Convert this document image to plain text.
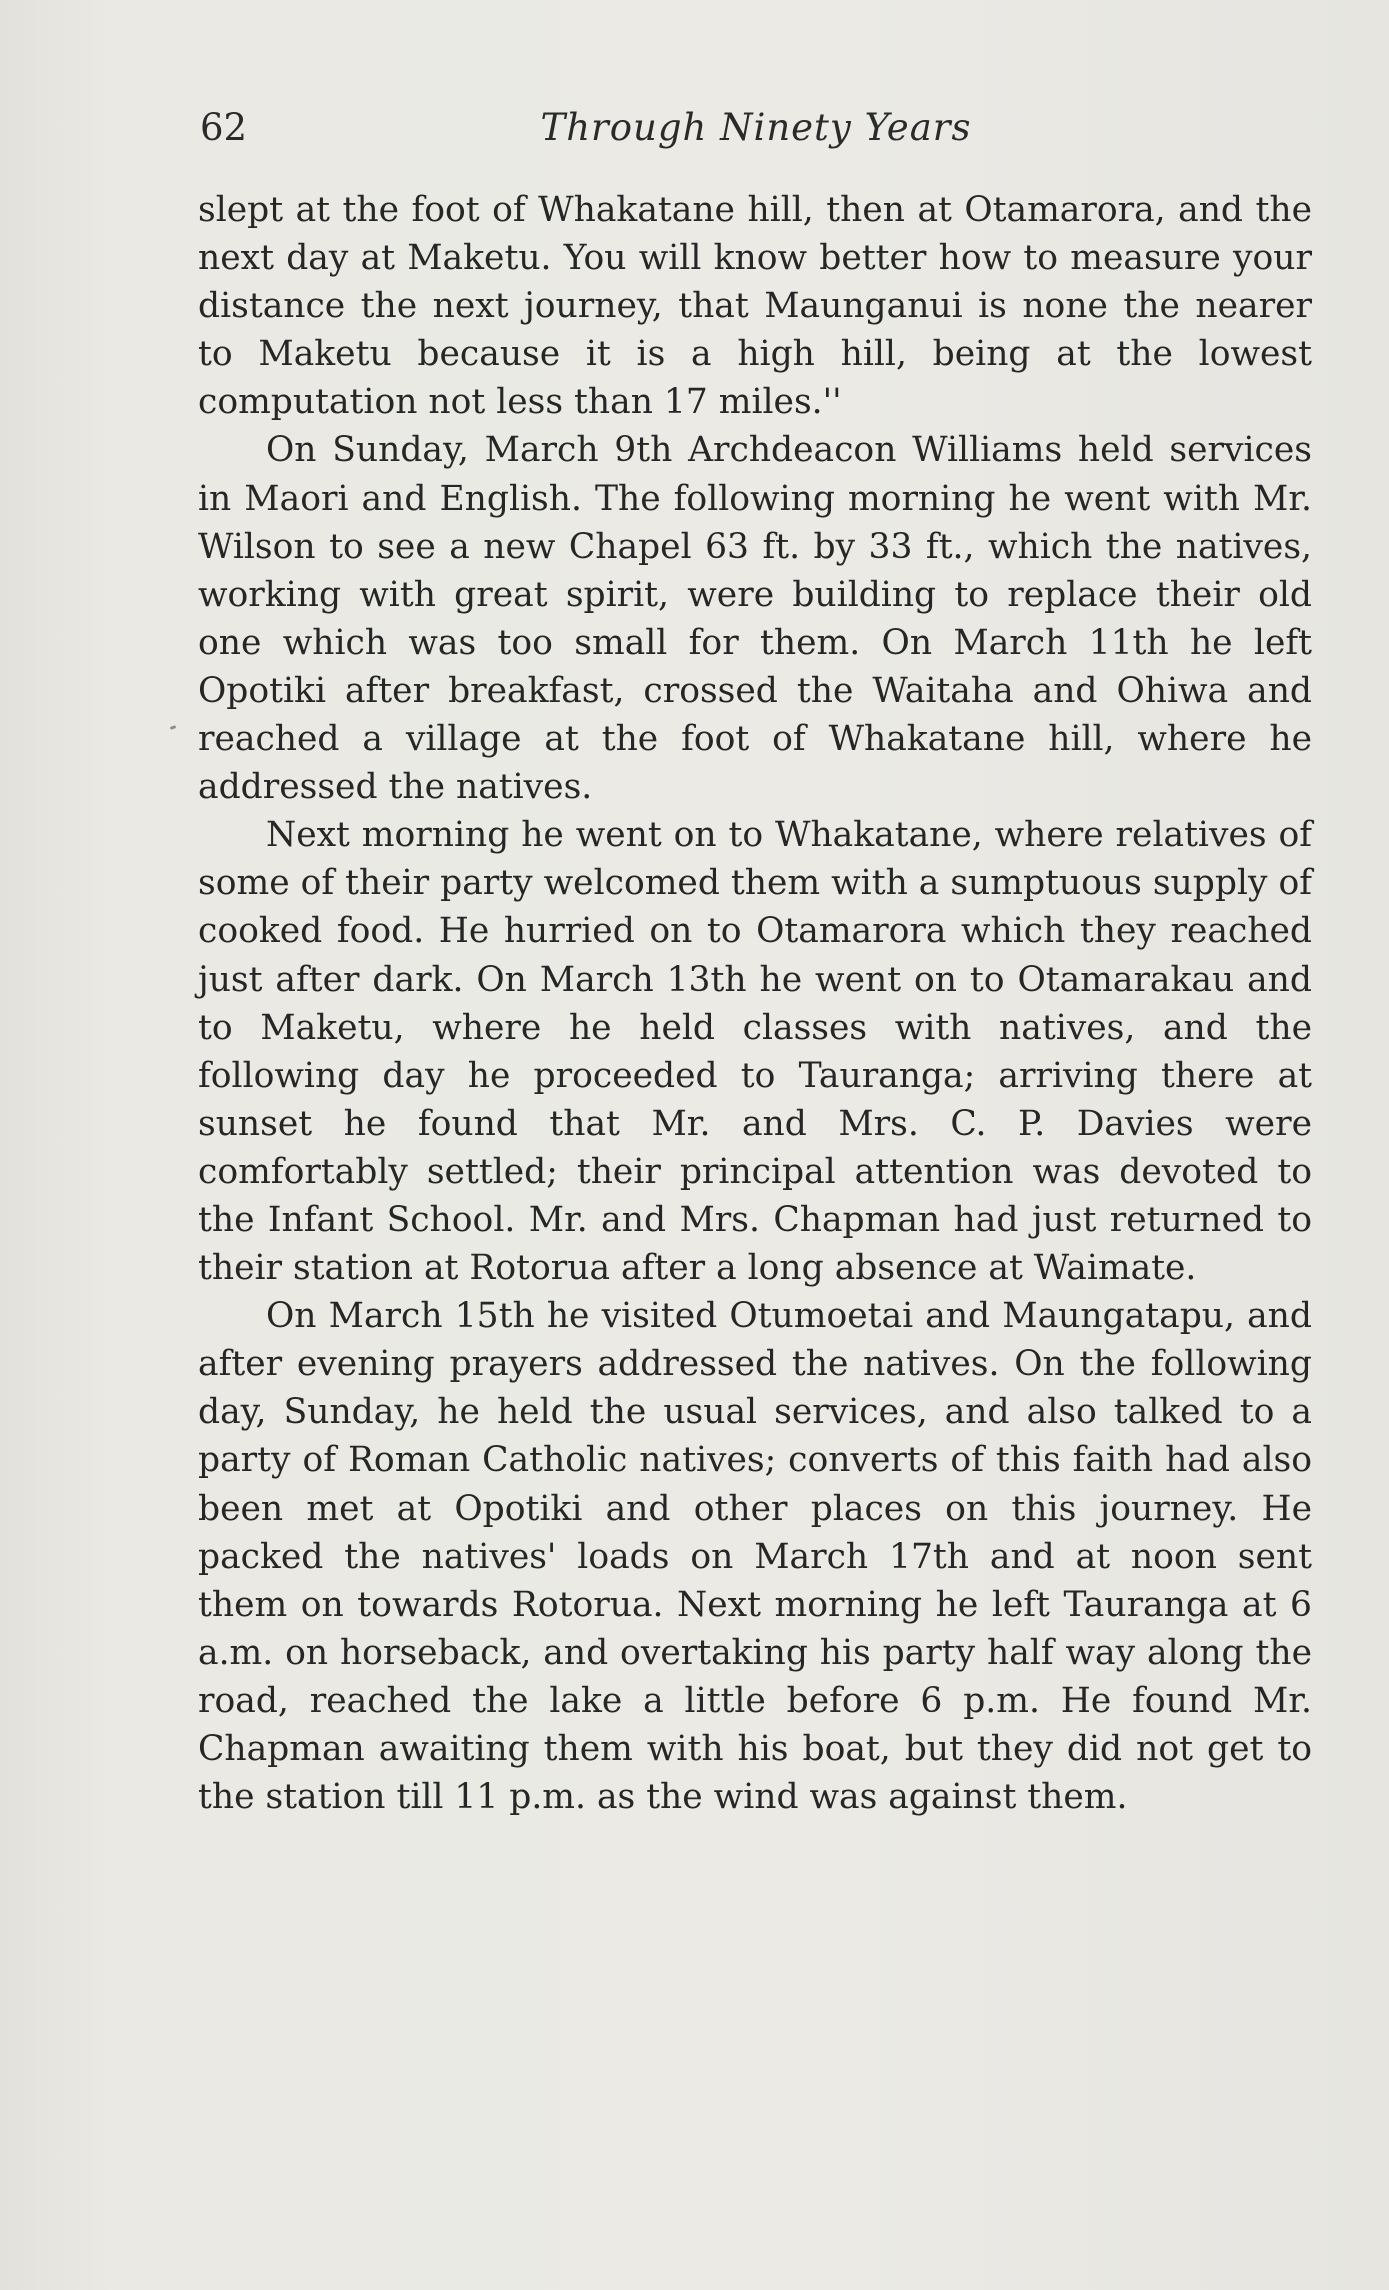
62	Through Ninety Years

slept at the foot of Whakatane hill, then at Otamarora, and the next day at Maketu. You will know better how to measure your distance the next journey, that Maunganui is none the nearer to Maketu because it is a high hill, being at the lowest computation not less than 17 miles.''

On Sunday, March 9th Archdeacon Williams held services in Maori and English. The following morning he went with Mr. Wilson to see a new Chapel 63 ft. by 33 ft., which the natives, working with great spirit, were building to replace their old one which was too small for them. On March 11th he left Opotiki after breakfast, crossed the Waitaha and Ohiwa and reached a village at the foot of Whakatane hill, where he addressed the natives.

Next morning he went on to Whakatane, where relatives of some of their party welcomed them with a sumptuous supply of cooked food. He hurried on to Otamarora which they reached just after dark. On March 13th he went on to Otamarakau and to Maketu, where he held classes with natives, and the following day he proceeded to Tauranga; arriving there at sunset he found that Mr. and Mrs. C. P. Davies were comfortably settled; their principal attention was devoted to the Infant School. Mr. and Mrs. Chapman had just returned to their station at Rotorua after a long absence at Waimate.

On March 15th he visited Otumoetai and Maungatapu, and after evening prayers addressed the natives. On the following day, Sunday, he held the usual services, and also talked to a party of Roman Catholic natives; converts of this faith had also been met at Opotiki and other places on this journey. He packed the natives' loads on March 17th and at noon sent them on towards Rotorua. Next morning he left Tauranga at 6 a.m. on horseback, and overtaking his party half way along the road, reached the lake a little before 6 p.m. He found Mr. Chapman awaiting them with his boat, but they did not get to the station till 11 p.m. as the wind was against them.
